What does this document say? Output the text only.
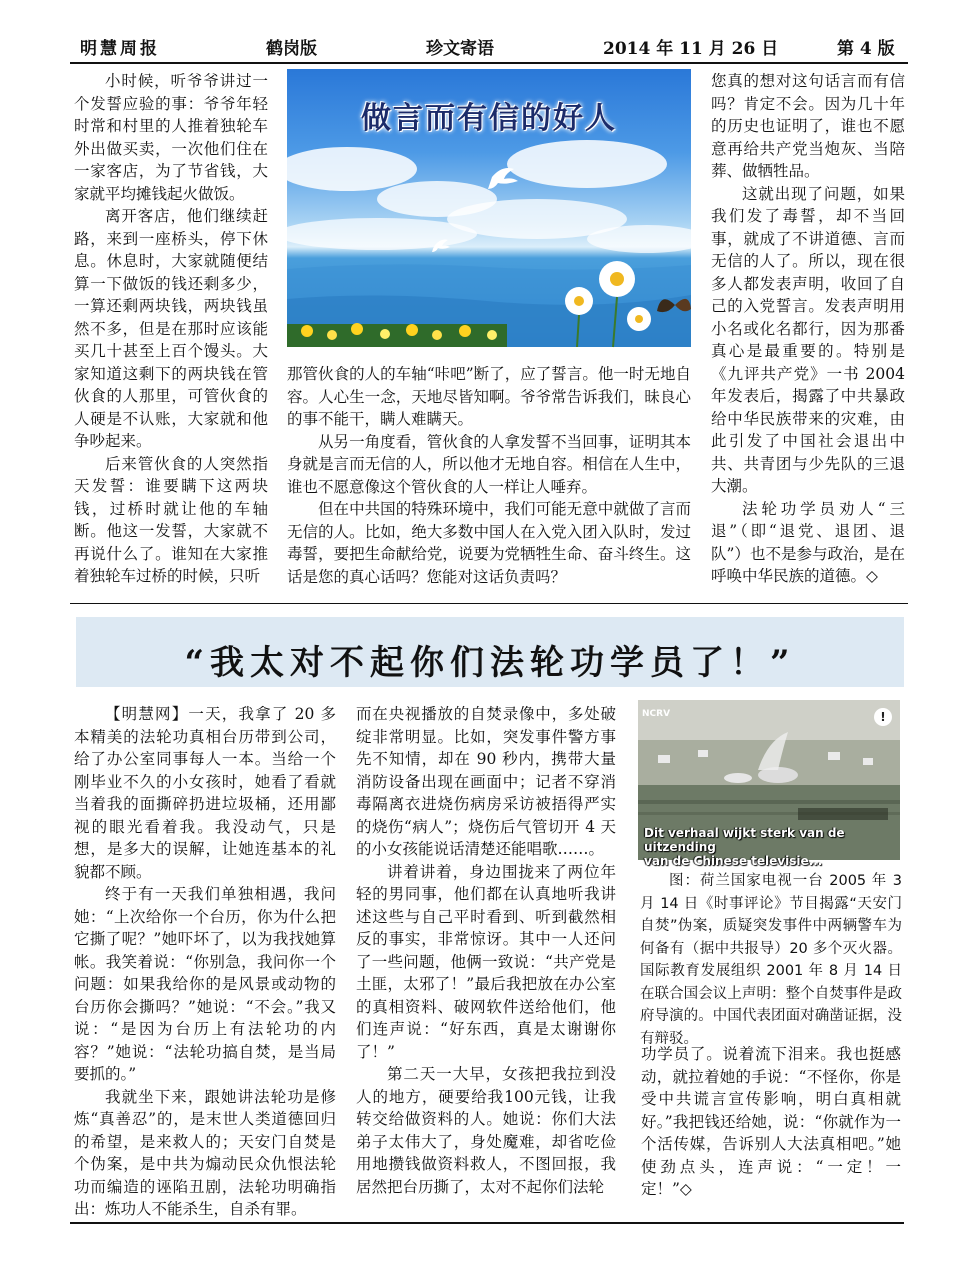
明慧周报	鹤岗版	珍文寄语	2014 年 11 月 26 日	第 4 版

小时候，听爷爷讲过一个发誓应验的事：爷爷年轻时常和村里的人推着独轮车外出做买卖，一次他们住在一家客店，为了节省钱，大家就平均摊钱起火做饭。

离开客店，他们继续赶路，来到一座桥头，停下休息。休息时，大家就随便结算一下做饭的钱还剩多少，一算还剩两块钱，两块钱虽然不多，但是在那时应该能买几十甚至上百个馒头。大家知道这剩下的两块钱在管伙食的人那里，可管伙食的人硬是不认账，大家就和他争吵起来。

后来管伙食的人突然指天发誓：谁要瞒下这两块钱，过桥时就让他的车轴断。他这一发誓，大家就不再说什么了。谁知在大家推着独轮车过桥的时候，只听

做言而有信的好人

那管伙食的人的车轴“咔吧”断了，应了誓言。他一时无地自容。人心生一念，天地尽皆知啊。爷爷常告诉我们，昧良心的事不能干，瞒人难瞒天。

从另一角度看，管伙食的人拿发誓不当回事，证明其本身就是言而无信的人，所以他才无地自容。相信在人生中，谁也不愿意像这个管伙食的人一样让人唾弃。

但在中共国的特殊环境中，我们可能无意中就做了言而无信的人。比如，绝大多数中国人在入党入团入队时，发过毒誓，要把生命献给党，说要为党牺牲生命、奋斗终生。这话是您的真心话吗？您能对这话负责吗？

您真的想对这句话言而有信吗？肯定不会。因为几十年的历史也证明了，谁也不愿意再给共产党当炮灰、当陪葬、做牺牲品。

这就出现了问题，如果我们发了毒誓，却不当回事，就成了不讲道德、言而无信的人了。所以，现在很多人都发表声明，收回了自己的入党誓言。发表声明用小名或化名都行，因为那番真心是最重要的。特别是《九评共产党》一书 2004年发表后，揭露了中共暴政给中华民族带来的灾难，由此引发了中国社会退出中共、共青团与少先队的三退大潮。

法轮功学员劝人“三退”（即“退党、退团、退队”）也不是参与政治，是在呼唤中华民族的道德。◇

“我太对不起你们法轮功学员了！”

【明慧网】一天，我拿了 20 多本精美的法轮功真相台历带到公司，给了办公室同事每人一本。当给一个刚毕业不久的小女孩时，她看了看就当着我的面撕碎扔进垃圾桶，还用鄙视的眼光看着我。我没动气，只是想，是多大的误解，让她连基本的礼貌都不顾。

终于有一天我们单独相遇，我问她：“上次给你一个台历，你为什么把它撕了呢？”她吓坏了，以为我找她算帐。我笑着说：“你别急，我问你一个问题：如果我给你的是风景或动物的台历你会撕吗？”她说：“不会。”我又说：“是因为台历上有法轮功的内容？”她说：“法轮功搞自焚，是当局要抓的。”

我就坐下来，跟她讲法轮功是修炼“真善忍”的，是末世人类道德回归的希望，是来救人的；天安门自焚是个伪案，是中共为煽动民众仇恨法轮功而编造的诬陷丑剧，法轮功明确指出：炼功人不能杀生，自杀有罪。

而在央视播放的自焚录像中，多处破绽非常明显。比如，突发事件警方事先不知情，却在 90 秒内，携带大量消防设备出现在画面中；记者不穿消毒隔离衣进烧伤病房采访被捂得严实的烧伤“病人”；烧伤后气管切开 4 天的小女孩能说话清楚还能唱歌……。

讲着讲着，身边围拢来了两位年轻的男同事，他们都在认真地听我讲述这些与自己平时看到、听到截然相反的事实，非常惊讶。其中一人还问了一些问题，他俩一致说：“共产党是土匪，太邪了！”最后我把放在办公室的真相资料、破网软件送给他们，他们连声说：“好东西，真是太谢谢你了！”

第二天一大早，女孩把我拉到没人的地方，硬要给我100元钱，让我转交给做资料的人。她说：你们大法弟子太伟大了，身处魔难，却省吃俭用地攒钱做资料救人，不图回报，我居然把台历撕了，太对不起你们法轮

NCRV	!
Dit verhaal wijkt sterk van de uitzending
van de Chinese televisie...
图：荷兰国家电视一台 2005 年 3 月 14 日《时事评论》节目揭露“天安门自焚”伪案，质疑突发事件中两辆警车为何备有（据中共报导）20 多个灭火器。国际教育发展组织 2001 年 8 月 14 日在联合国会议上声明：整个自焚事件是政府导演的。中国代表团面对确凿证据，没有辩驳。

功学员了。说着流下泪来。我也挺感动，就拉着她的手说：“不怪你，你是受中共谎言宣传影响，明白真相就好。”我把钱还给她，说：“你就作为一个活传媒，告诉别人大法真相吧。”她使劲点头，连声说：“一定！一定！”◇
